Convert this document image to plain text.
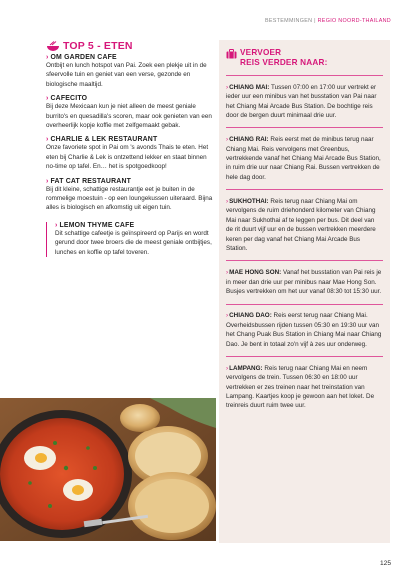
BESTEMMINGEN | REGIO NOORD-THAILAND
TOP 5 - ETEN
› OM GARDEN CAFE

Ontbijt en lunch hotspot van Pai. Zoek een plekje uit in de sfeervolle tuin en geniet van een verse, gezonde en biologische maaltijd.

› CAFECITO

Bij deze Mexicaan kun je niet alleen de meest geniale burrito's en quesadilla's scoren, maar ook genieten van een overheerlijk kopje koffie met zelfgemaakt gebak.

› CHARLIE & LEK RESTAURANT

Onze favoriete spot in Pai om 's avonds Thais te eten. Het eten bij Charlie & Lek is ontzettend lekker en staat binnen no-time op tafel. En… het is spotgoedkoop!

› FAT CAT RESTAURANT

Bij dit kleine, schattige restaurantje eet je buiten in de rommelige moestuin - op een loungekussen uiteraard. Bijna alles is biologisch en afkomstig uit eigen tuin.

› LEMON THYME CAFE

Dit schattige cafeetje is geïnspireerd op Parijs en wordt gerund door twee broers die de meest geniale ontbijtjes, lunches en koffie op tafel toveren.

VERVOER
REIS VERDER NAAR:

›CHIANG MAI: Tussen 07:00 en 17:00 uur vertrekt er ieder uur een minibus van het busstation van Pai naar het Chiang Mai Arcade Bus Station. De bochtige reis door de bergen duurt minimaal drie uur.

›CHIANG RAI: Reis eerst met de minibus terug naar Chiang Mai. Reis vervolgens met Greenbus, vertrekkende vanaf het Chiang Mai Arcade Bus Station, in ruim drie uur naar Chiang Rai. Bussen vertrekken de hele dag door.

›SUKHOTHAI: Reis terug naar Chiang Mai om vervolgens de ruim driehonderd kilometer van Chiang Mai naar Sukhothai af te leggen per bus. Dit deel van de rit duurt vijf uur en de bussen vertrekken meerdere keren per dag vanaf het Chiang Mai Arcade Bus Station.

›MAE HONG SON: Vanaf het busstation van Pai reis je in meer dan drie uur per minibus naar Mae Hong Son. Busjes vertrekken om het uur vanaf 08:30 tot 15:30 uur.

›CHIANG DAO: Reis eerst terug naar Chiang Mai. Overheidsbussen rijden tussen 05:30 en 19:30 uur van het Chang Puak Bus Station in Chiang Mai naar Chiang Dao. Je bent in totaal zo'n vijf à zes uur onderweg.

›LAMPANG: Reis terug naar Chiang Mai en neem vervolgens de trein. Tussen 06:30 en 18:00 uur vertrekken er zes treinen naar het treinstation van Lampang. Kaartjes koop je gewoon aan het loket. De treinreis duurt ruim twee uur.

125
